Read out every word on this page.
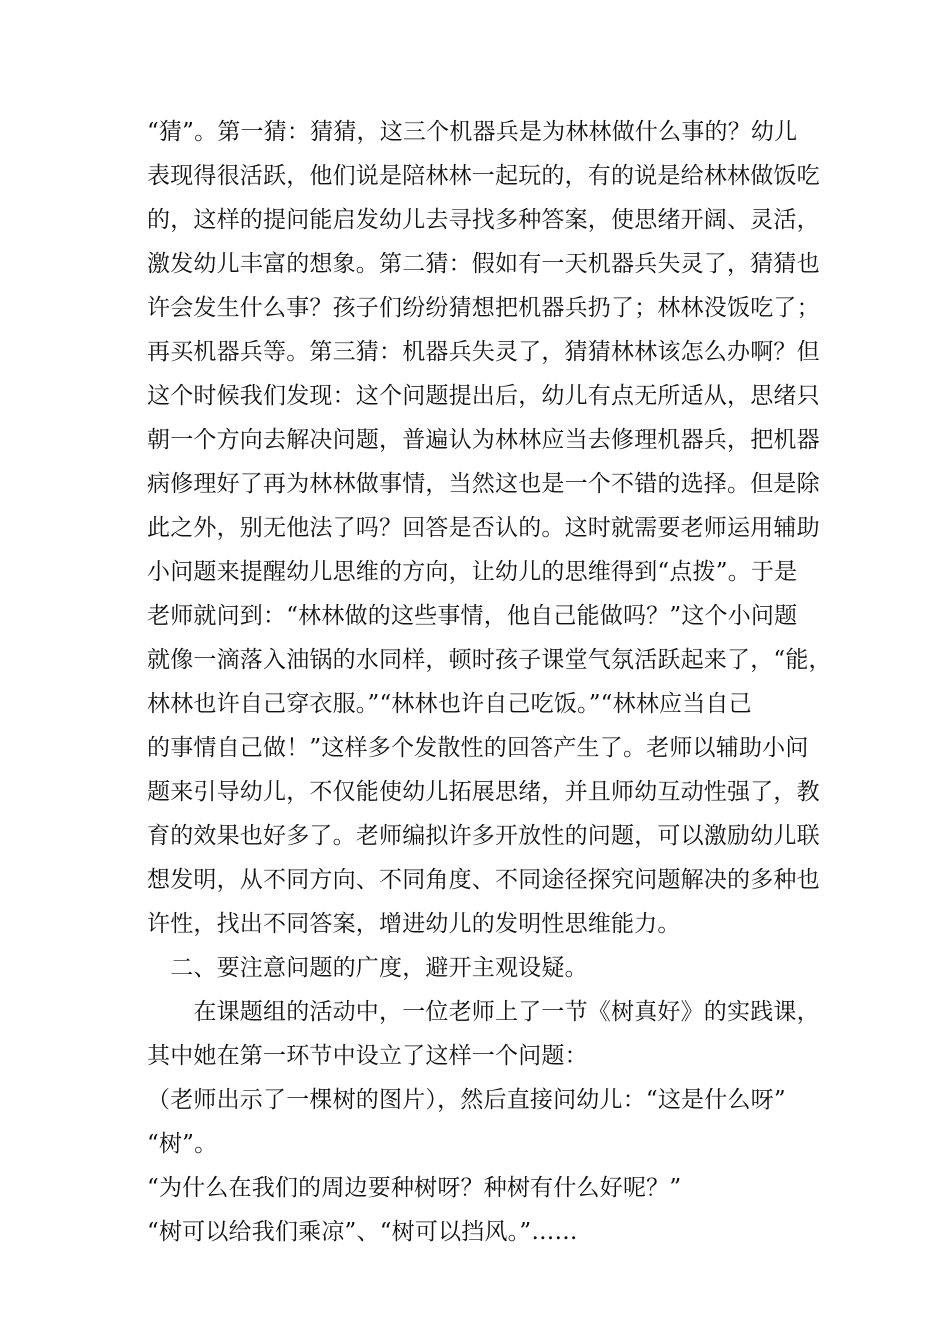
“猜”。第一猜：猜猜，这三个机器兵是为林林做什么事的？幼儿
表现得很活跃，他们说是陪林林一起玩的，有的说是给林林做饭吃
的，这样的提问能启发幼儿去寻找多种答案，使思绪开阔、灵活，
激发幼儿丰富的想象。第二猜：假如有一天机器兵失灵了，猜猜也
许会发生什么事？孩子们纷纷猜想把机器兵扔了；林林没饭吃了；
再买机器兵等。第三猜：机器兵失灵了，猜猜林林该怎么办啊？但
这个时候我们发现：这个问题提出后，幼儿有点无所适从，思绪只
朝一个方向去解决问题，普遍认为林林应当去修理机器兵，把机器
病修理好了再为林林做事情，当然这也是一个不错的选择。但是除
此之外，别无他法了吗？回答是否认的。这时就需要老师运用辅助
小问题来提醒幼儿思维的方向，让幼儿的思维得到“点拨”。于是
老师就问到：“林林做的这些事情，他自己能做吗？”这个小问题
就像一滴落入油锅的水同样，顿时孩子课堂气氛活跃起来了，“能，
林林也许自己穿衣服。”“林林也许自己吃饭。”“林林应当自己
的事情自己做！”这样多个发散性的回答产生了。老师以辅助小问
题来引导幼儿，不仅能使幼儿拓展思绪，并且师幼互动性强了，教
育的效果也好多了。老师编拟许多开放性的问题，可以激励幼儿联
想发明，从不同方向、不同角度、不同途径探究问题解决的多种也
许性，找出不同答案，增进幼儿的发明性思维能力。
　二、要注意问题的广度，避开主观设疑。
　　在课题组的活动中，一位老师上了一节《树真好》的实践课，
其中她在第一环节中设立了这样一个问题：
（老师出示了一棵树的图片），然后直接问幼儿：“这是什么呀”
“树”。
“为什么在我们的周边要种树呀？种树有什么好呢？”
“树可以给我们乘凉”、“树可以挡风。”……
